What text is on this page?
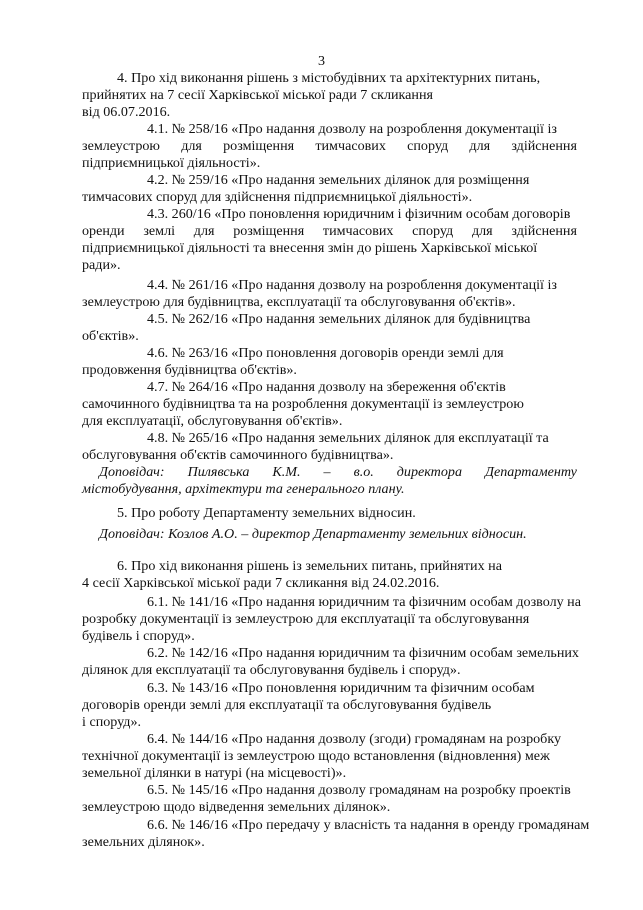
3
4. Про хід виконання рішень з містобудівних та архітектурних питань,
прийнятих на 7 сесії Харківської міської ради 7 скликання
від 06.07.2016.
4.1. № 258/16 «Про надання дозволу на розроблення документації із
землеустрою для розміщення тимчасових споруд для здійснення
підприємницької діяльності».
4.2. № 259/16 «Про надання земельних ділянок для розміщення
тимчасових споруд для здійснення підприємницької діяльності».
4.3. 260/16 «Про поновлення юридичним і фізичним особам договорів
оренди землі для розміщення тимчасових споруд для здійснення
підприємницької діяльності та внесення змін до рішень Харківської міської
ради».
4.4. № 261/16 «Про надання дозволу на розроблення документації із
землеустрою для будівництва, експлуатації та обслуговування об'єктів».
4.5. № 262/16 «Про надання земельних ділянок для будівництва
об'єктів».
4.6. № 263/16 «Про поновлення договорів оренди землі для
продовження будівництва об'єктів».
4.7. № 264/16 «Про надання дозволу на збереження об'єктів
самочинного будівництва та на розроблення документації із землеустрою
для експлуатації, обслуговування об'єктів».
4.8. № 265/16 «Про надання земельних ділянок для експлуатації та
обслуговування об'єктів самочинного будівництва».
Доповідач: Пилявська К.М. – в.о. директора Департаменту
містобудування, архітектури та генерального плану.
5. Про роботу Департаменту земельних відносин.
Доповідач: Козлов А.О. – директор Департаменту земельних відносин.
6. Про хід виконання рішень із земельних питань, прийнятих на
4 сесії Харківської міської ради 7 скликання від 24.02.2016.
6.1. № 141/16 «Про надання юридичним та фізичним особам дозволу на
розробку документації із землеустрою для експлуатації та обслуговування
будівель і споруд».
6.2. № 142/16 «Про надання юридичним та фізичним особам земельних
ділянок для експлуатації та обслуговування будівель і споруд».
6.3. № 143/16 «Про поновлення юридичним та фізичним особам
договорів оренди землі для експлуатації та обслуговування будівель
і споруд».
6.4. № 144/16 «Про надання дозволу (згоди) громадянам на розробку
технічної документації із землеустрою щодо встановлення (відновлення) меж
земельної ділянки в натурі (на місцевості)».
6.5. № 145/16 «Про надання дозволу громадянам на розробку проектів
землеустрою щодо відведення земельних ділянок».
6.6. № 146/16 «Про передачу у власність та надання в оренду громадянам
земельних ділянок».
